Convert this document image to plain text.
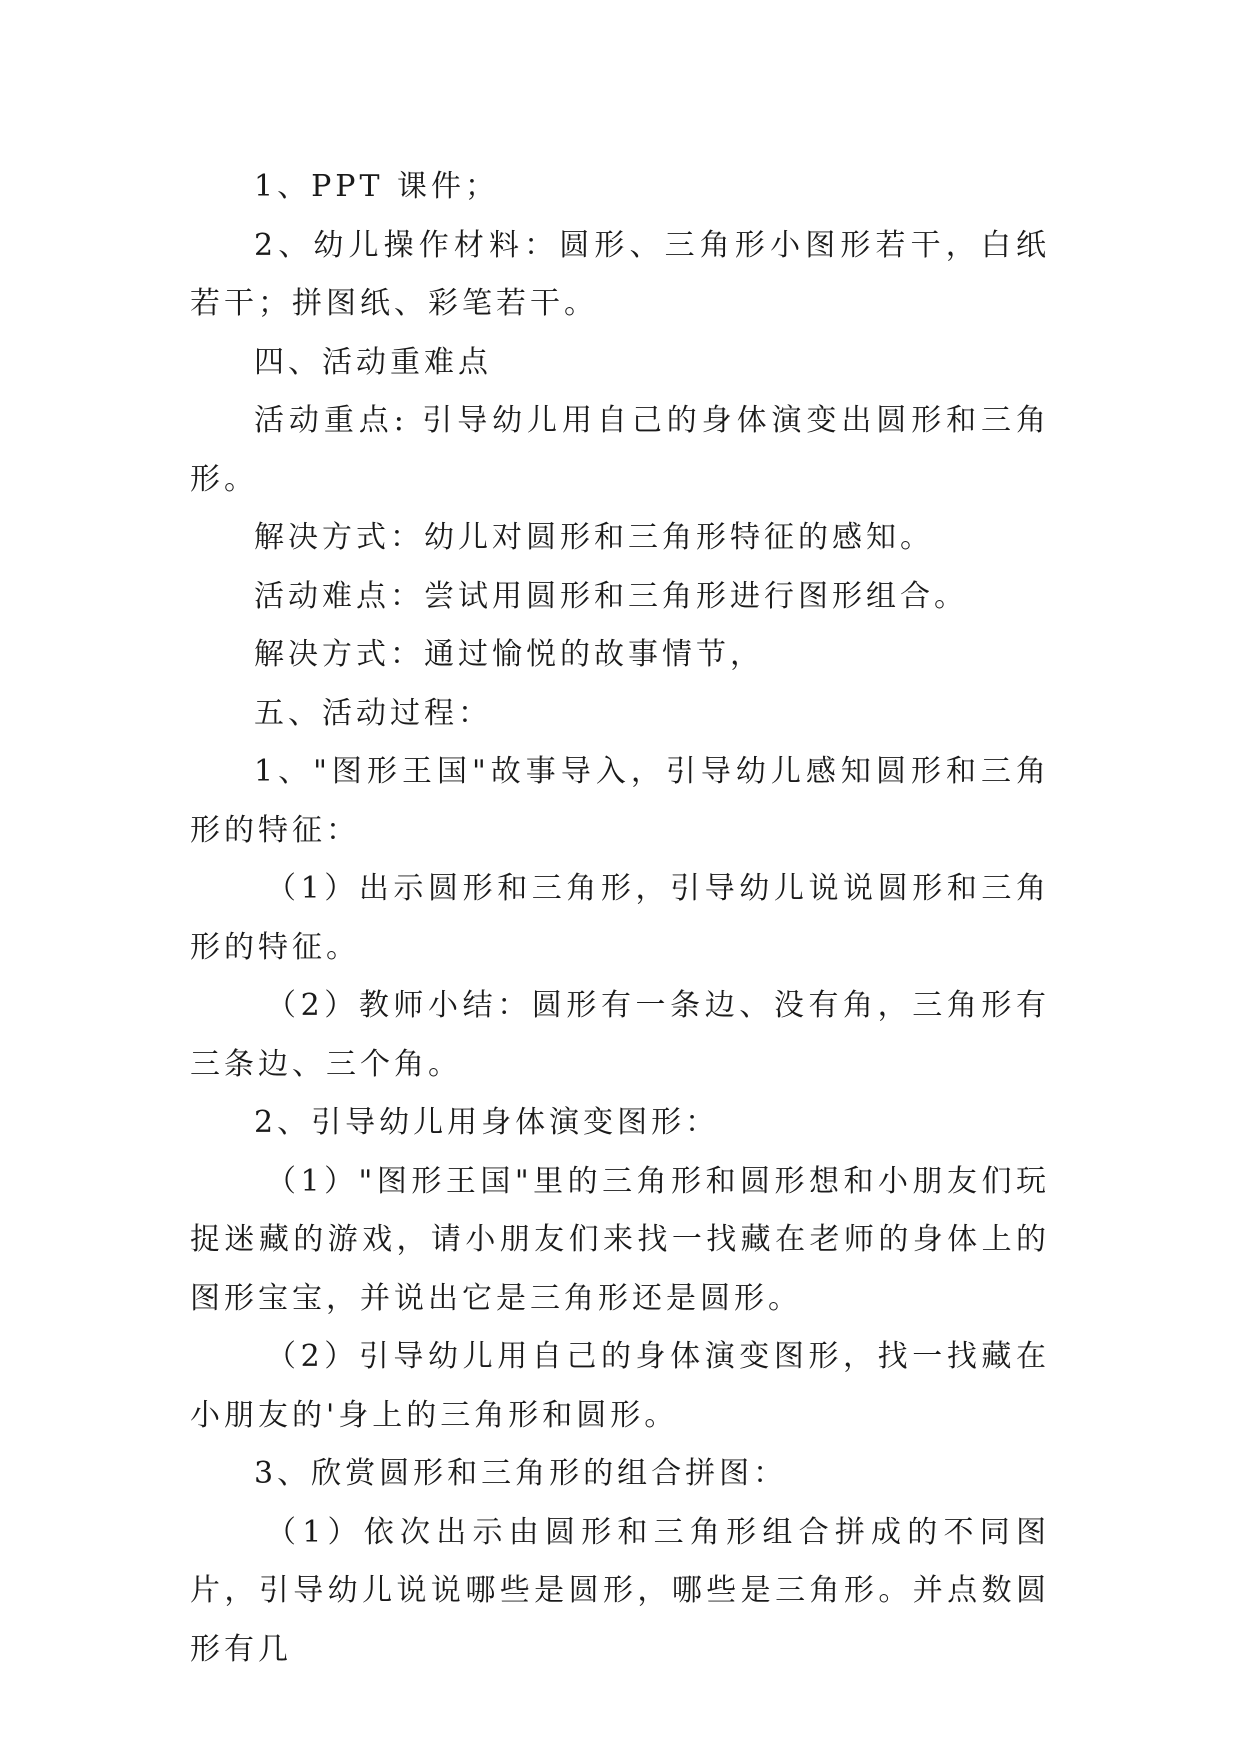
1、PPT 课件；

2、幼儿操作材料：圆形、三角形小图形若干，白纸若干；拼图纸、彩笔若干。

四、活动重难点

活动重点: 引导幼儿用自己的身体演变出圆形和三角形。

解决方式：幼儿对圆形和三角形特征的感知。

活动难点：尝试用圆形和三角形进行图形组合。

解决方式：通过愉悦的故事情节，

五、活动过程：

1、"图形王国"故事导入，引导幼儿感知圆形和三角形的特征：

（1）出示圆形和三角形，引导幼儿说说圆形和三角形的特征。

（2）教师小结：圆形有一条边、没有角，三角形有三条边、三个角。

2、引导幼儿用身体演变图形：

（1）"图形王国"里的三角形和圆形想和小朋友们玩捉迷藏的游戏，请小朋友们来找一找藏在老师的身体上的图形宝宝，并说出它是三角形还是圆形。

（2）引导幼儿用自己的身体演变图形，找一找藏在小朋友的'身上的三角形和圆形。

3、欣赏圆形和三角形的组合拼图：

（1）依次出示由圆形和三角形组合拼成的不同图片，引导幼儿说说哪些是圆形，哪些是三角形。并点数圆形有几
